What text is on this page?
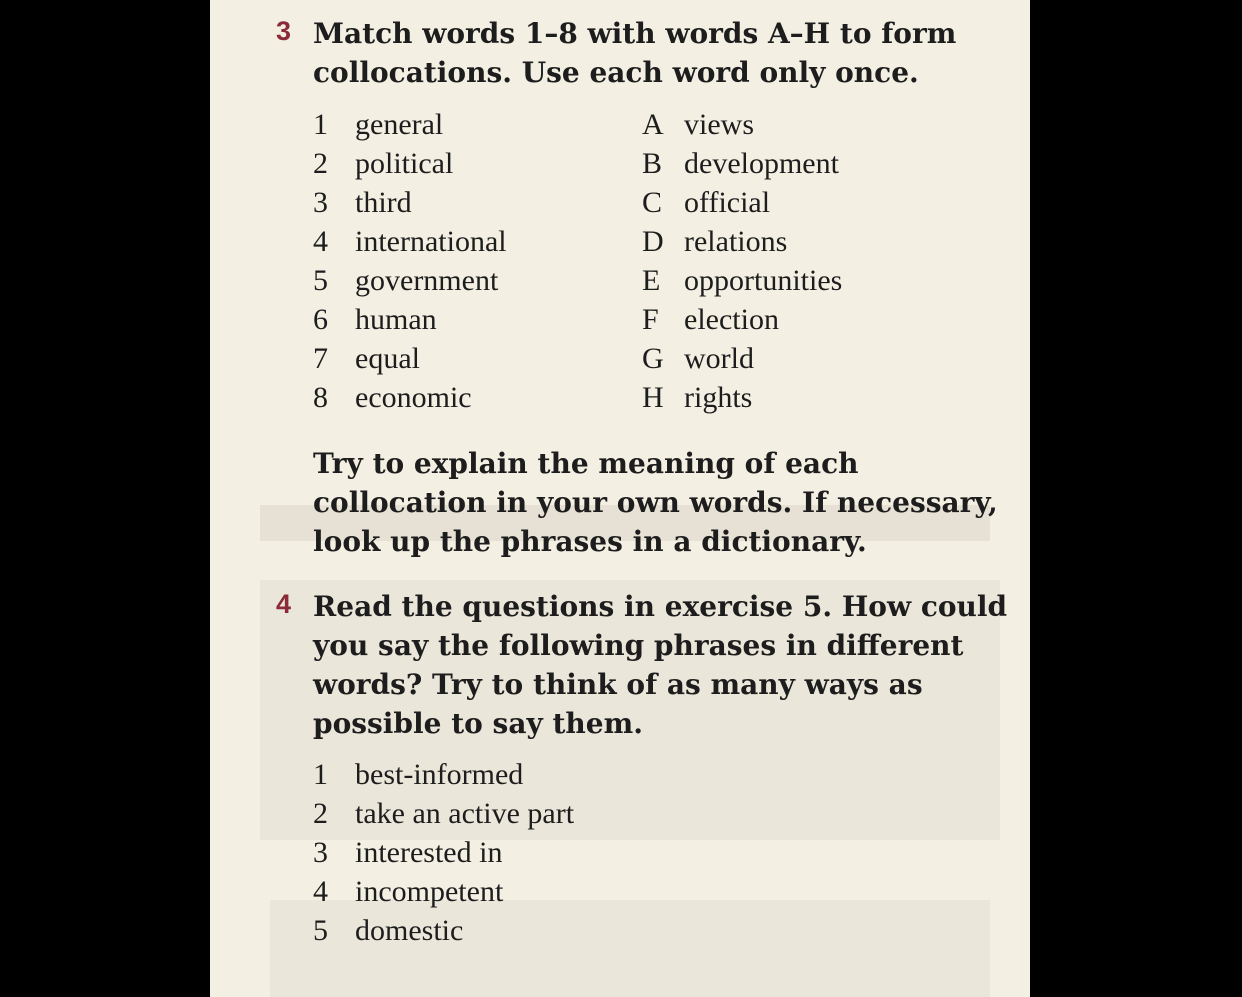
3 Match words 1–8 with words A–H to form
collocations. Use each word only once.
1 general
2 political
3 third
4 international
5 government
6 human
7 equal
8 economic
A views
B development
C official
D relations
E opportunities
F election
G world
H rights
Try to explain the meaning of each
collocation in your own words. If necessary,
look up the phrases in a dictionary.
4 Read the questions in exercise 5. How could
you say the following phrases in different
words? Try to think of as many ways as
possible to say them.
1 best-informed
2 take an active part
3 interested in
4 incompetent
5 domestic
